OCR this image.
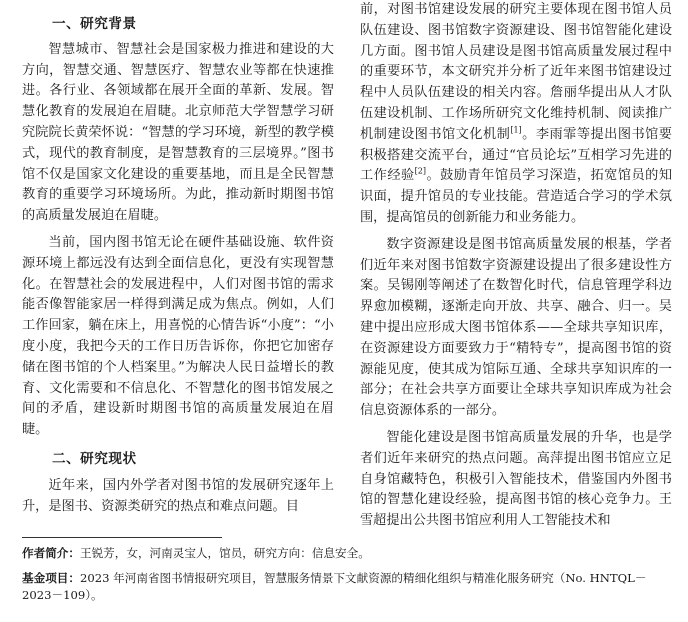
一、研究背景

智慧城市、智慧社会是国家极力推进和建设的大方向，智慧交通、智慧医疗、智慧农业等都在快速推进。各行业、各领域都在展开全面的革新、发展。智慧化教育的发展迫在眉睫。北京师范大学智慧学习研究院院长黄荣怀说：“智慧的学习环境，新型的教学模式，现代的教育制度，是智慧教育的三层境界。”图书馆不仅是国家文化建设的重要基地，而且是全民智慧教育的重要学习环境场所。为此，推动新时期图书馆的高质量发展迫在眉睫。

当前，国内图书馆无论在硬件基础设施、软件资源环境上都远没有达到全面信息化，更没有实现智慧化。在智慧社会的发展进程中，人们对图书馆的需求能否像智能家居一样得到满足成为焦点。例如，人们工作回家，躺在床上，用喜悦的心情告诉“小度”：“小度小度，我把今天的工作日历告诉你，你把它加密存储在图书馆的个人档案里。”为解决人民日益增长的教育、文化需要和不信息化、不智慧化的图书馆发展之间的矛盾，建设新时期图书馆的高质量发展迫在眉睫。

二、研究现状

近年来，国内外学者对图书馆的发展研究逐年上升，是图书、资源类研究的热点和难点问题。目

前，对图书馆建设发展的研究主要体现在图书馆人员队伍建设、图书馆数字资源建设、图书馆智能化建设几方面。图书馆人员建设是图书馆高质量发展过程中的重要环节，本文研究并分析了近年来图书馆建设过程中人员队伍建设的相关内容。詹丽华提出从人才队伍建设机制、工作场所研究文化维持机制、阅读推广机制建设图书馆文化机制[1]。李雨霏等提出图书馆要积极搭建交流平台，通过“官员论坛”互相学习先进的工作经验[2]。鼓励青年馆员学习深造，拓宽馆员的知识面，提升馆员的专业技能。营造适合学习的学术氛围，提高馆员的创新能力和业务能力。

数字资源建设是图书馆高质量发展的根基，学者们近年来对图书馆数字资源建设提出了很多建设性方案。吴锡刚等阐述了在数智化时代，信息管理学科边界愈加模糊，逐渐走向开放、共享、融合、归一。吴建中提出应形成大图书馆体系——全球共享知识库，在资源建设方面要致力于“精特专”，提高图书馆的资源能见度，使其成为馆际互通、全球共享知识库的一部分；在社会共享方面要让全球共享知识库成为社会信息资源体系的一部分。

智能化建设是图书馆高质量发展的升华，也是学者们近年来研究的热点问题。高萍提出图书馆应立足自身馆藏特色，积极引入智能技术，借鉴国内外图书馆的智慧化建设经验，提高图书馆的核心竞争力。王雪超提出公共图书馆应利用人工智能技术和

作者简介：王锐芳，女，河南灵宝人，馆员，研究方向：信息安全。
基金项目：2023 年河南省图书情报研究项目，智慧服务情景下文献资源的精细化组织与精准化服务研究（No. HNTQL－2023－109）。
